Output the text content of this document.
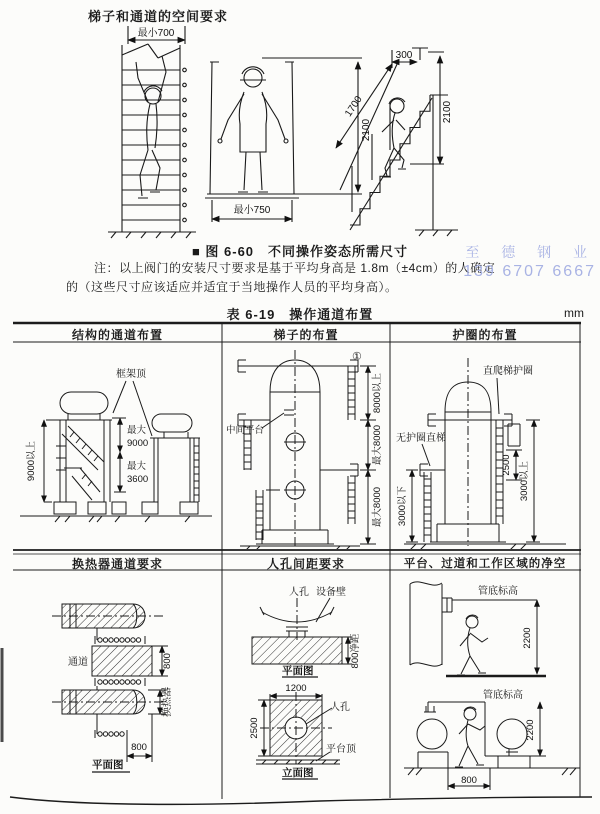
梯子和通道的空间要求
■ 图 6-60　不同操作姿态所需尺寸
注：以上阀门的安装尺寸要求是基于平均身高是 1.8m（±4cm）的人确定
的（这些尺寸应该适应并适宜于当地操作人员的平均身高）。
至 德 钢 业
139 6707 6667
最小700
最小750
2100
300
1700	2100
表 6-19　操作通道布置	mm
结构的通道布置	梯子的布置	护圈的布置
换热器通道要求	人孔间距要求	平台、过道和工作区域的净空
框架顶
9000以上
最大
9000
最大
3600
①
中间平台
8000以上
最大8000
最大8000
直爬梯护圈
无护圈直梯
2500 3000以上
3000以下
通道	800
换热器
800
平面图
人孔 设备壁
800净距
平面图
1200
2500
人孔
平台顶
立面图
管底标高
2200
管底标高
2200
800
